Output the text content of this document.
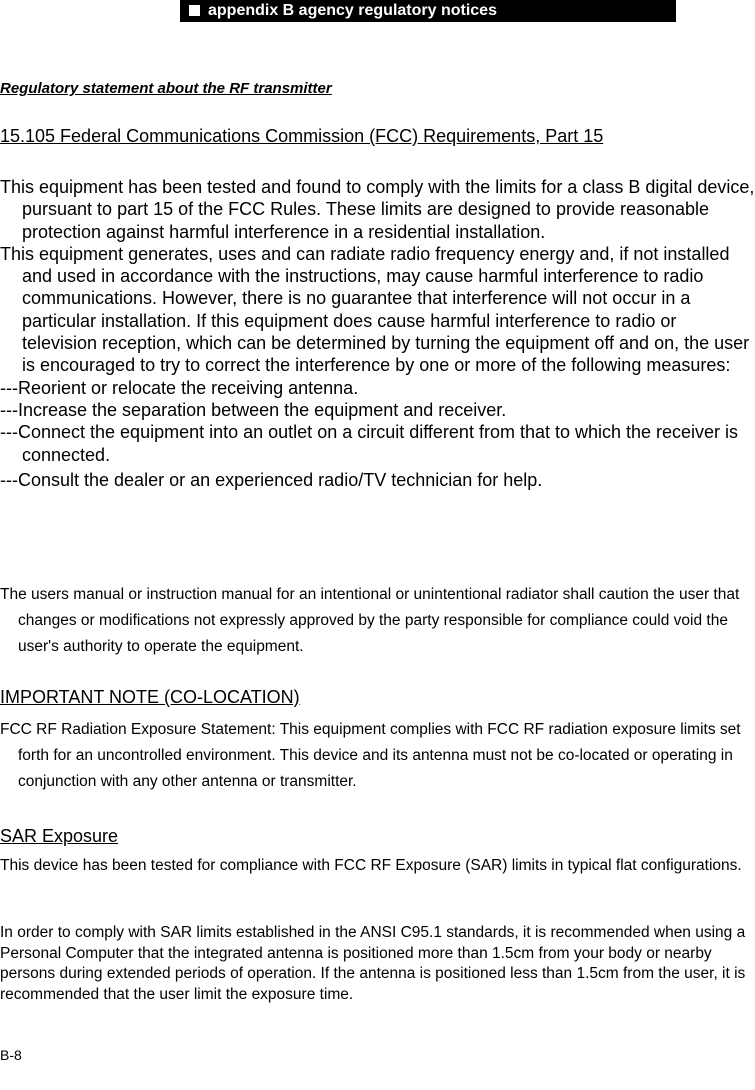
appendix B agency regulatory notices
Regulatory statement about the RF transmitter
15.105 Federal Communications Commission (FCC) Requirements, Part 15

This equipment has been tested and found to comply with the limits for a class B digital device, pursuant to part 15 of the FCC Rules. These limits are designed to provide reasonable protection against harmful interference in a residential installation.

This equipment generates, uses and can radiate radio frequency energy and, if not installed and used in accordance with the instructions, may cause harmful interference to radio communications. However, there is no guarantee that interference will not occur in a particular installation. If this equipment does cause harmful interference to radio or television reception, which can be determined by turning the equipment off and on, the user is encouraged to try to correct the interference by one or more of the following measures:

---Reorient or relocate the receiving antenna.

---Increase the separation between the equipment and receiver.

---Connect the equipment into an outlet on a circuit different from that to which the receiver is connected.

---Consult the dealer or an experienced radio/TV technician for help.

The users manual or instruction manual for an intentional or unintentional radiator shall caution the user that changes or modifications not expressly approved by the party responsible for compliance could void the user's authority to operate the equipment.

IMPORTANT NOTE (CO-LOCATION)

FCC RF Radiation Exposure Statement: This equipment complies with FCC RF radiation exposure limits set forth for an uncontrolled environment. This device and its antenna must not be co-located or operating in conjunction with any other antenna or transmitter.

SAR Exposure

This device has been tested for compliance with FCC RF Exposure (SAR) limits in typical flat configurations.

In order to comply with SAR limits established in the ANSI C95.1 standards, it is recommended when using a Personal Computer that the integrated antenna is positioned more than 1.5cm from your body or nearby persons during extended periods of operation. If the antenna is positioned less than 1.5cm from the user, it is recommended that the user limit the exposure time.

B-8
